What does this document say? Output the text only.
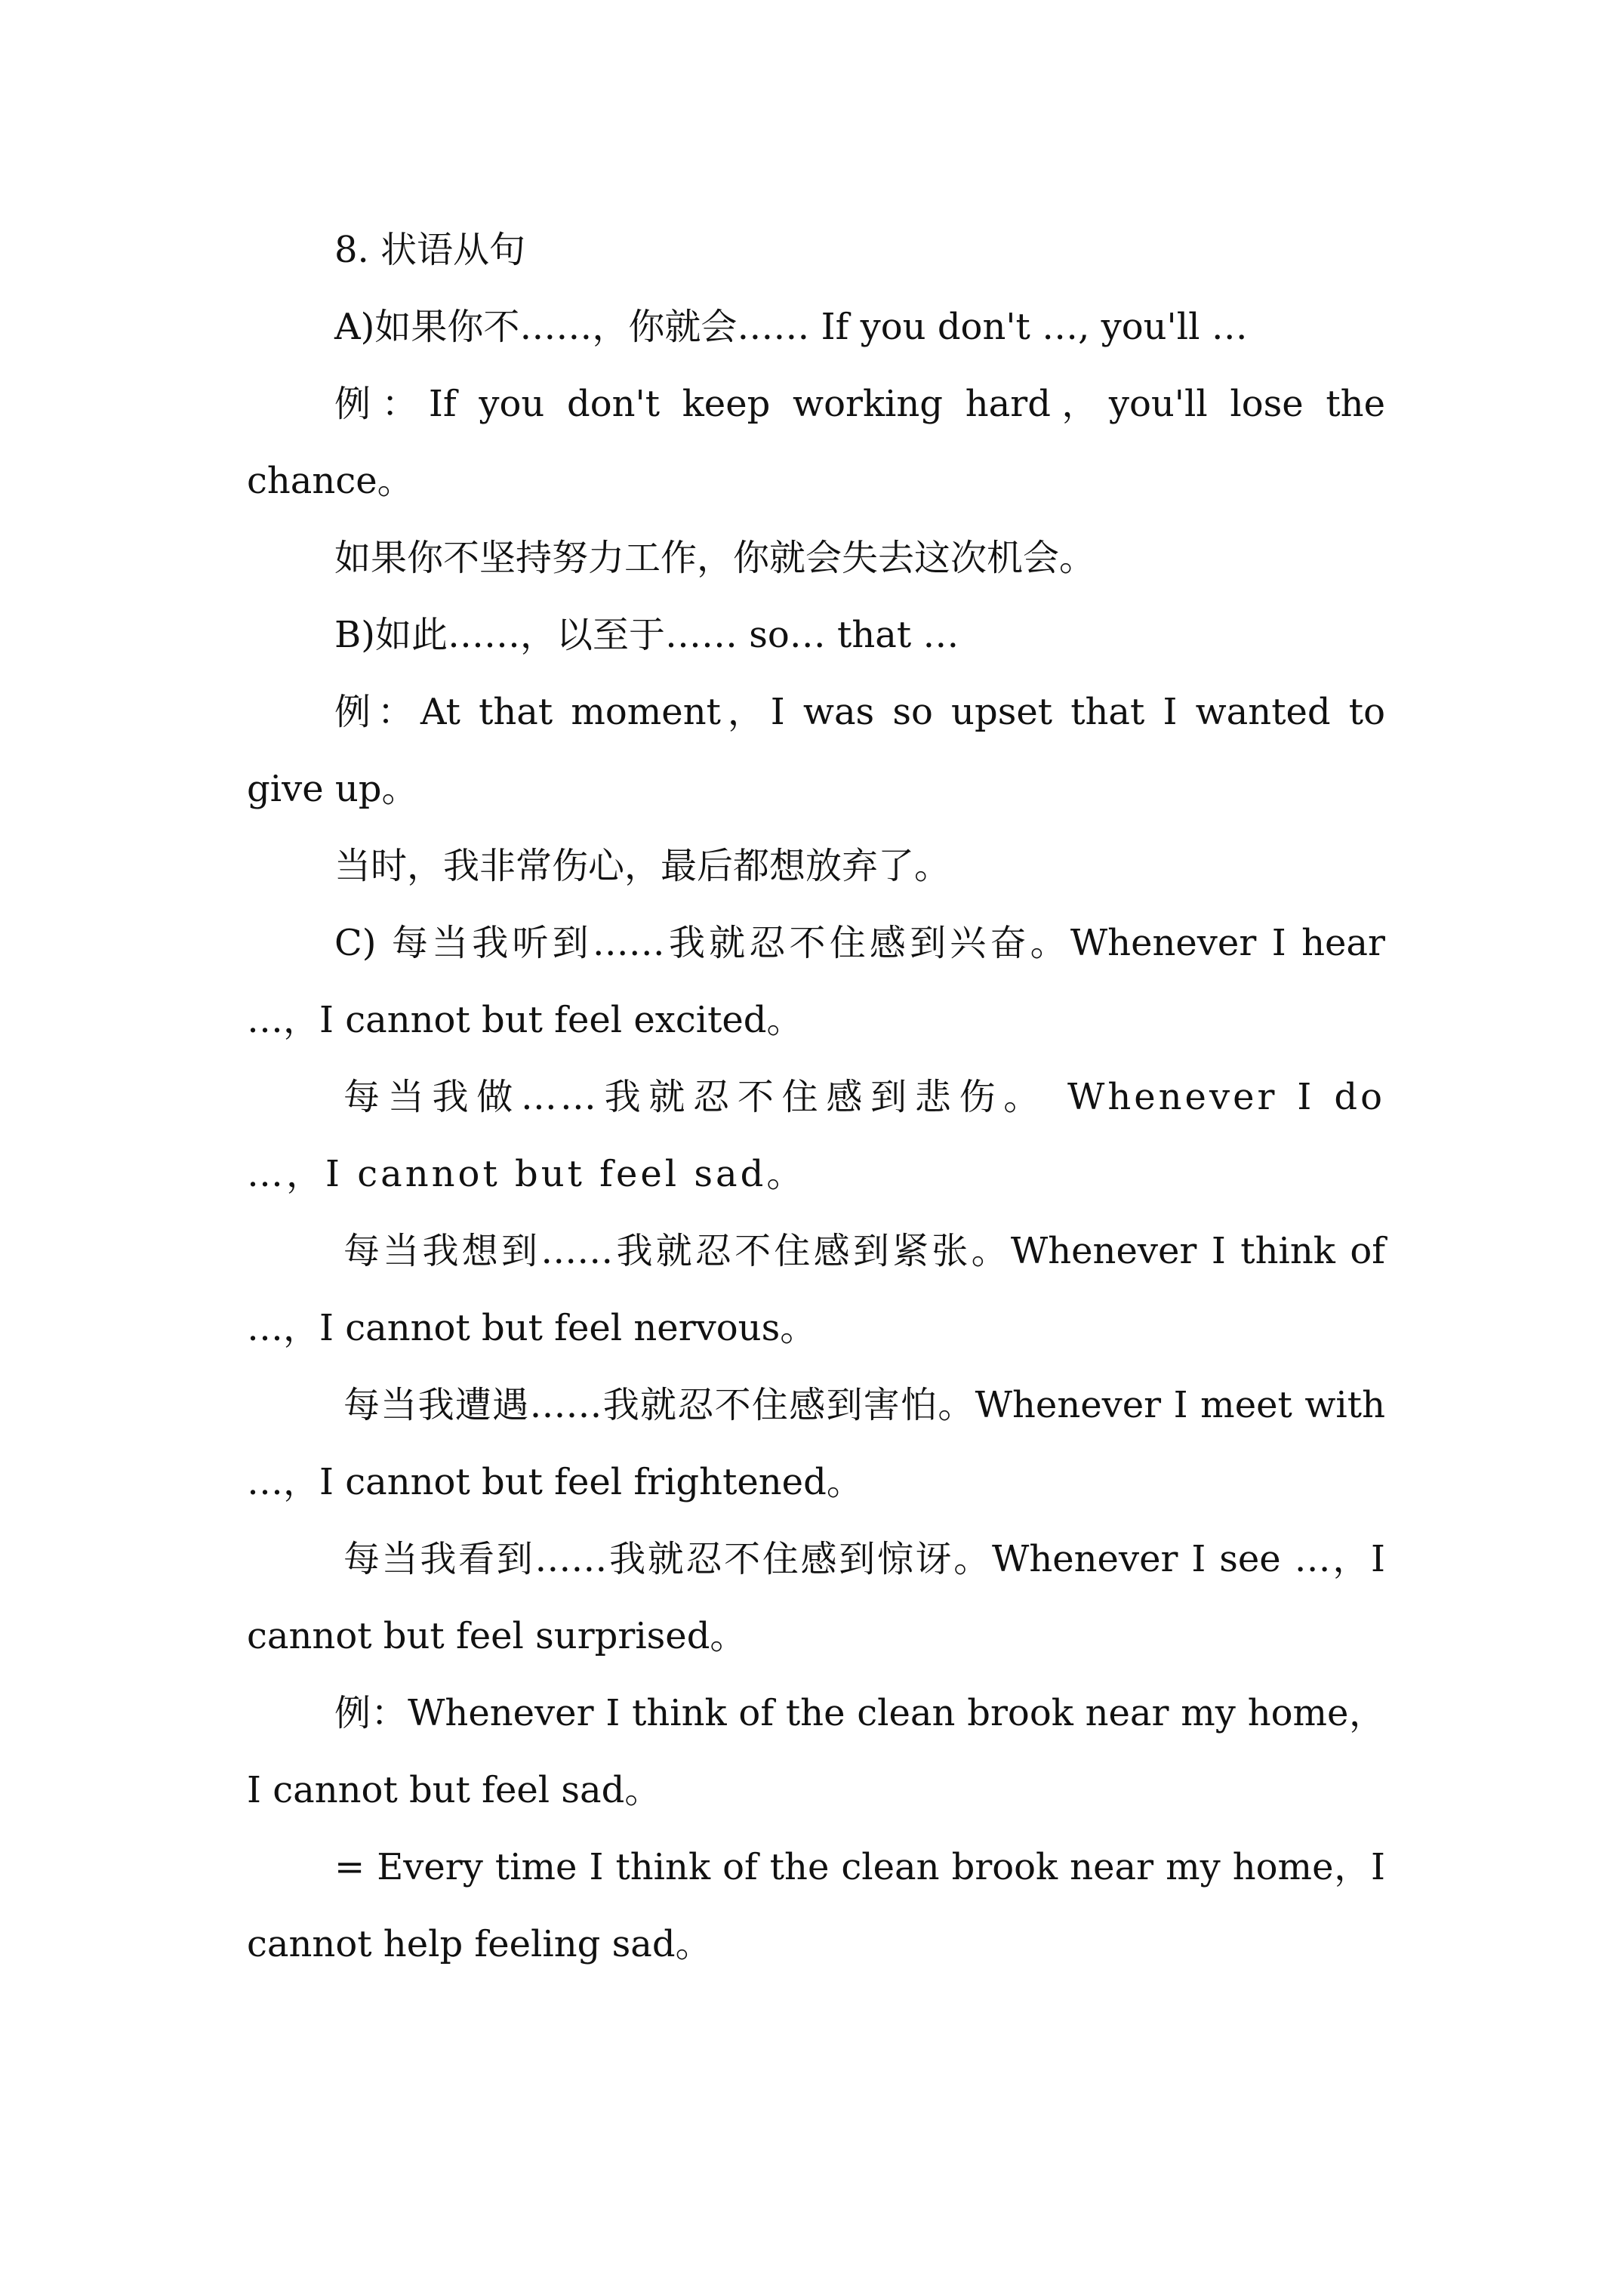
8. 状语从句

A)如果你不……，你就会…… If you don't …, you'll …

例：If you don't keep working hard，you'll lose the chance。

如果你不坚持努力工作，你就会失去这次机会。

B)如此……，以至于…… so… that …

例：At that moment，I was so upset that I wanted to give up。

当时，我非常伤心，最后都想放弃了。

C) 每当我听到……我就忍不住感到兴奋。Whenever I hear …，I cannot but feel excited。

每当我做……我就忍不住感到悲伤。 Whenever I do …，I cannot but feel sad。

每当我想到……我就忍不住感到紧张。Whenever I think of …，I cannot but feel nervous。

每当我遭遇……我就忍不住感到害怕。Whenever I meet with …，I cannot but feel frightened。

每当我看到……我就忍不住感到惊讶。Whenever I see …，I cannot but feel surprised。

例：Whenever I think of the clean brook near my home，I cannot but feel sad。

= Every time I think of the clean brook near my home，I cannot help feeling sad。
